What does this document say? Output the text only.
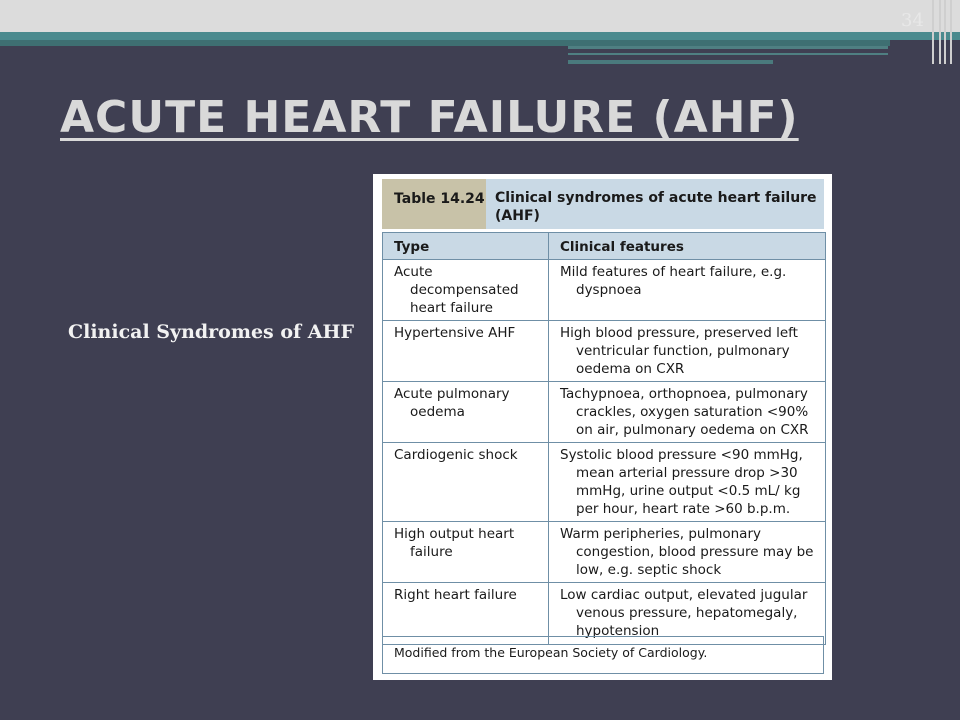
34
ACUTE HEART FAILURE (AHF)
Clinical Syndromes of AHF
Table 14.24 Clinical syndromes of acute heart failure (AHF)
Type	Clinical features

Acute decompensated heart failure	Mild features of heart failure, e.g. dyspnoea

Hypertensive AHF	High blood pressure, preserved left ventricular function, pulmonary oedema on CXR

Acute pulmonary oedema	Tachypnoea, orthopnoea, pulmonary crackles, oxygen saturation <90% on air, pulmonary oedema on CXR

Cardiogenic shock	Systolic blood pressure <90 mmHg, mean arterial pressure drop >30 mmHg, urine output <0.5 mL/ kg per hour, heart rate >60 b.p.m.

High output heart failure	Warm peripheries, pulmonary congestion, blood pressure may be low, e.g. septic shock

Right heart failure	Low cardiac output, elevated jugular venous pressure, hepatomegaly, hypotension
Modified from the European Society of Cardiology.
